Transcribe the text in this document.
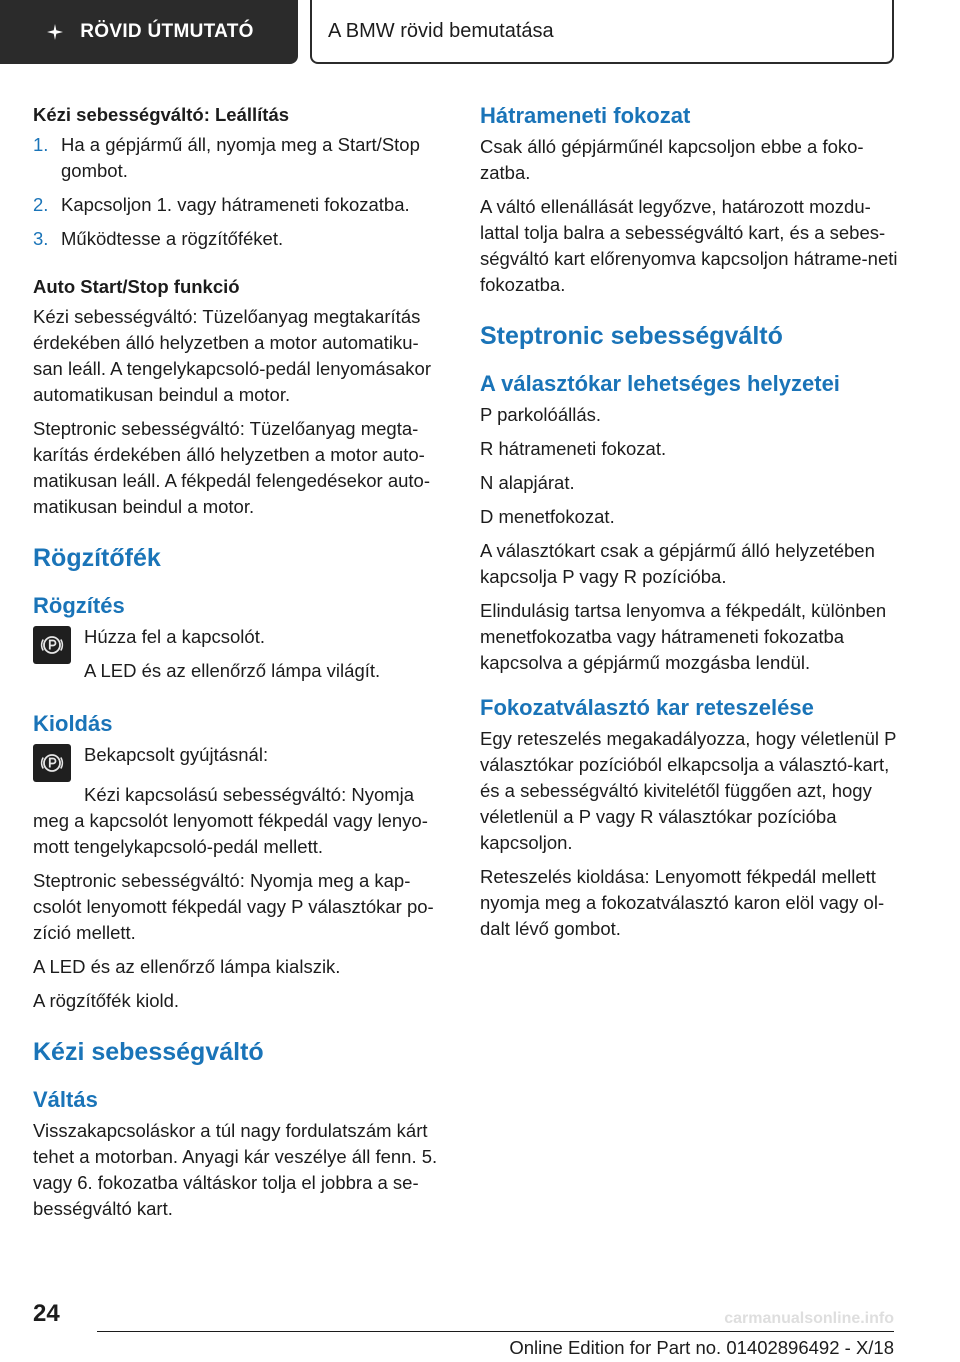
RÖVID ÚTMUTATÓ	A BMW rövid bemutatása
Kézi sebességváltó: Leállítás
1. Ha a gépjármű áll, nyomja meg a Start/Stop gombot.
2. Kapcsoljon 1. vagy hátrameneti fokozatba.
3. Működtesse a rögzítőféket.
Auto Start/Stop funkció

Kézi sebességváltó: Tüzelőanyag megtakarítás érdekében álló helyzetben a motor automatiku-san leáll. A tengelykapcsoló-pedál lenyomásakor automatikusan beindul a motor.

Steptronic sebességváltó: Tüzelőanyag megta-karítás érdekében álló helyzetben a motor auto-matikusan leáll. A fékpedál felengedésekor auto-matikusan beindul a motor.

Rögzítőfék
Rögzítés

Húzza fel a kapcsolót.

A LED és az ellenőrző lámpa világít.

Kioldás

Bekapcsolt gyújtásnál:

Kézi kapcsolású sebességváltó: Nyomja meg a kapcsolót lenyomott fékpedál vagy lenyo-mott tengelykapcsoló-pedál mellett.

Steptronic sebességváltó: Nyomja meg a kap-csolót lenyomott fékpedál vagy P választókar po-zíció mellett.

A LED és az ellenőrző lámpa kialszik.

A rögzítőfék kiold.

Kézi sebességváltó
Váltás

Visszakapcsoláskor a túl nagy fordulatszám kárt tehet a motorban. Anyagi kár veszélye áll fenn. 5. vagy 6. fokozatba váltáskor tolja el jobbra a se-bességváltó kart.

Hátrameneti fokozat

Csak álló gépjárműnél kapcsoljon ebbe a foko-zatba.

A váltó ellenállását legyőzve, határozott mozdu-lattal tolja balra a sebességváltó kart, és a sebes-ségváltó kart előrenyomva kapcsoljon hátrame-neti fokozatba.

Steptronic sebességváltó
A választókar lehetséges helyzetei

P parkolóállás.

R hátrameneti fokozat.

N alapjárat.

D menetfokozat.

A választókart csak a gépjármű álló helyzetében kapcsolja P vagy R pozícióba.

Elindulásig tartsa lenyomva a fékpedált, különben menetfokozatba vagy hátrameneti fokozatba kapcsolva a gépjármű mozgásba lendül.

Fokozatválasztó kar reteszelése

Egy reteszelés megakadályozza, hogy véletlenül P választókar pozícióból elkapcsolja a választó-kart, és a sebességváltó kivitelétől függően azt, hogy véletlenül a P vagy R választókar pozícióba kapcsoljon.

Reteszelés kioldása: Lenyomott fékpedál mellett nyomja meg a fokozatválasztó karon elöl vagy ol-dalt lévő gombot.

24
Online Edition for Part no. 01402896492 - X/18
carmanualsonline.info
